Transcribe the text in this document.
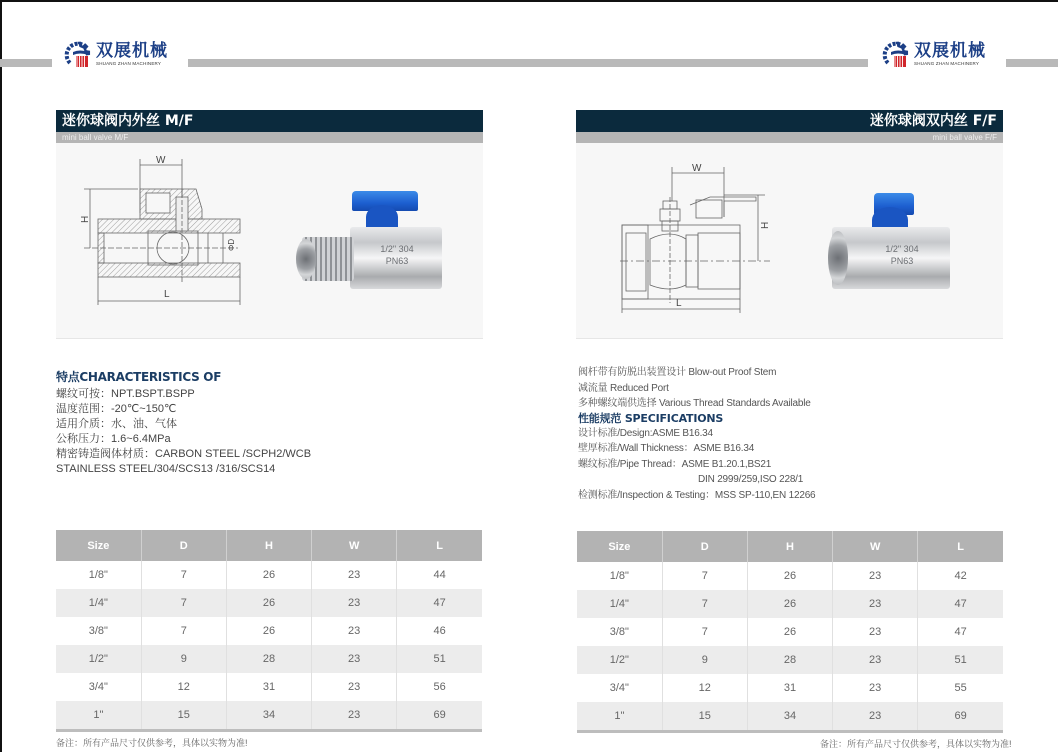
双展机械
SHUANG ZHAN MACHINERY
双展机械
SHUANG ZHAN MACHINERY
迷你球阀内外丝 M/F
mini ball valve M/F
W
H
ΦD
L
1/2" 304
PN63
特点CHARACTERISTICS OF
螺纹可按：NPT.BSPT.BSPP
温度范围：-20℃~150℃
适用介质：水、油、气体
公称压力：1.6~6.4MPa
精密铸造阀体材质：CARBON STEEL /SCPH2/WCB
STAINLESS STEEL/304/SCS13 /316/SCS14
Size	D	H	W	L
1/8"	7	26	23	44
1/4"	7	26	23	47
3/8"	7	26	23	46
1/2"	9	28	23	51
3/4"	12	31	23	56
1"	15	34	23	69
备注：所有产品尺寸仅供参考，具体以实物为准!
迷你球阀双内丝 F/F
mini ball valve F/F
W
H
L
1/2" 304
PN63
阀杆带有防脱出装置设计 Blow-out Proof Stem
减流量 Reduced Port
多种螺纹端供选择 Various Thread Standards Available
性能规范 SPECIFICATIONS
设计标准/Design:ASME B16.34
壁厚标准/Wall Thickness：ASME B16.34
螺纹标准/Pipe Thread：ASME B1.20.1,BS21
DIN 2999/259,ISO 228/1
检测标准/Inspection & Testing：MSS SP-110,EN 12266
Size	D	H	W	L
1/8"	7	26	23	42
1/4"	7	26	23	47
3/8"	7	26	23	47
1/2"	9	28	23	51
3/4"	12	31	23	55
1"	15	34	23	69
备注：所有产品尺寸仅供参考，具体以实物为准!
